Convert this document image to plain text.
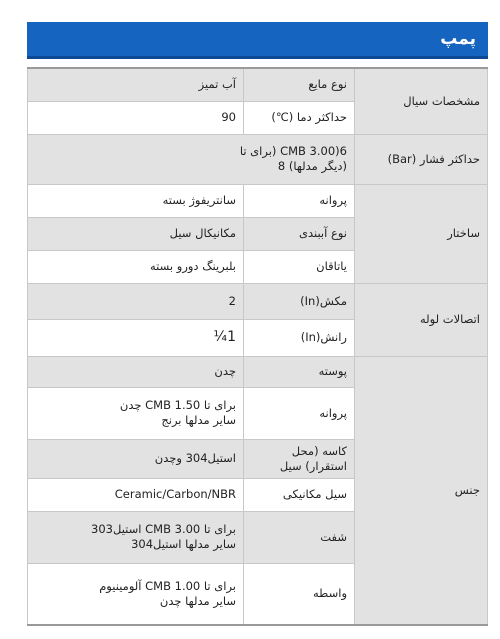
پمپ
مشخصات سیال	نوع مایع	آب تمیز
	حداکثر دما (℃)	90
حداکثر فشار (Bar)	6(CMB 3.00 (برای تا
(دیگر مدلها) 8	
ساختار	پروانه	سانتریفوژ بسته
	نوع آببندی	مکانیکال سیل
	یاتاقان	بلبرینگ دورو بسته
اتصالات لوله	مکش(In)	2
	رانش(In)	1¼
جنس	پوسته	چدن
	پروانه	برای تا CMB 1.50 چدن
سایر مدلها برنج
	کاسه (محل استقرار) سیل	استیل304 وچدن
	سیل مکانیکی	Ceramic/Carbon/NBR
	شفت	برای تا CMB 3.00 استیل303
سایر مدلها استیل304
	واسطه	برای تا CMB 1.00 آلومینیوم
سایر مدلها چدن
